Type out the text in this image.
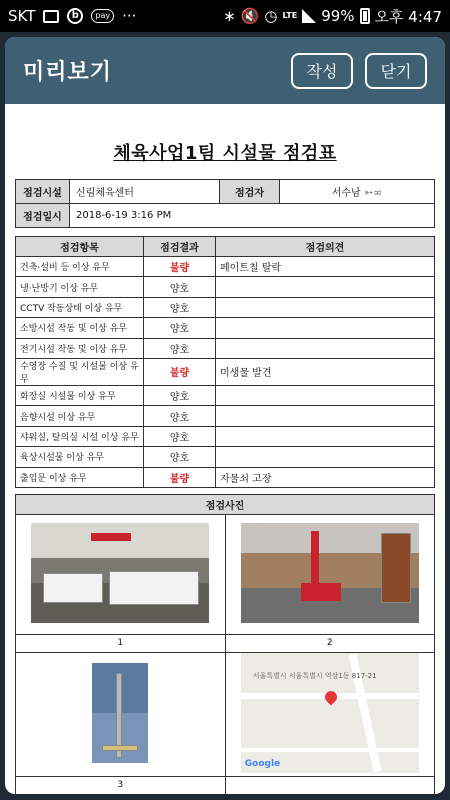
SKT	b	pay ···	∗ 🔇 ◷ LTE 99% 오후 4:47
미리보기	작성	닫기
체육사업1팀 시설물 점검표
점검시설	신림체육센터	점검자	서수남 ➳∞
점검일시	2018-6-19 3:16 PM		
점검항목	점검결과	점검의견
건축·설비 등 이상 유무	불량	페이트칠 탈락
냉·난방기 이상 유무	양호	
CCTV 작동상태 이상 유무	양호	
소방시설 작동 및 이상 유무	양호	
전기시설 작동 및 이상 유무	양호	
수영장 수질 및 시설물 이상 유무	불량	미생물 발견
화장실 시설물 이상 유무	양호	
음향시설 이상 유무	양호	
샤워실, 탈의실 시설 이상 유무	양호	
육상시설물 이상 유무	양호	
출입문 이상 유무	불량	자물쇠 고장
점검사진	

1	2

	서울특별시 서울특별시 역삼1동 817-21
Google

3	
